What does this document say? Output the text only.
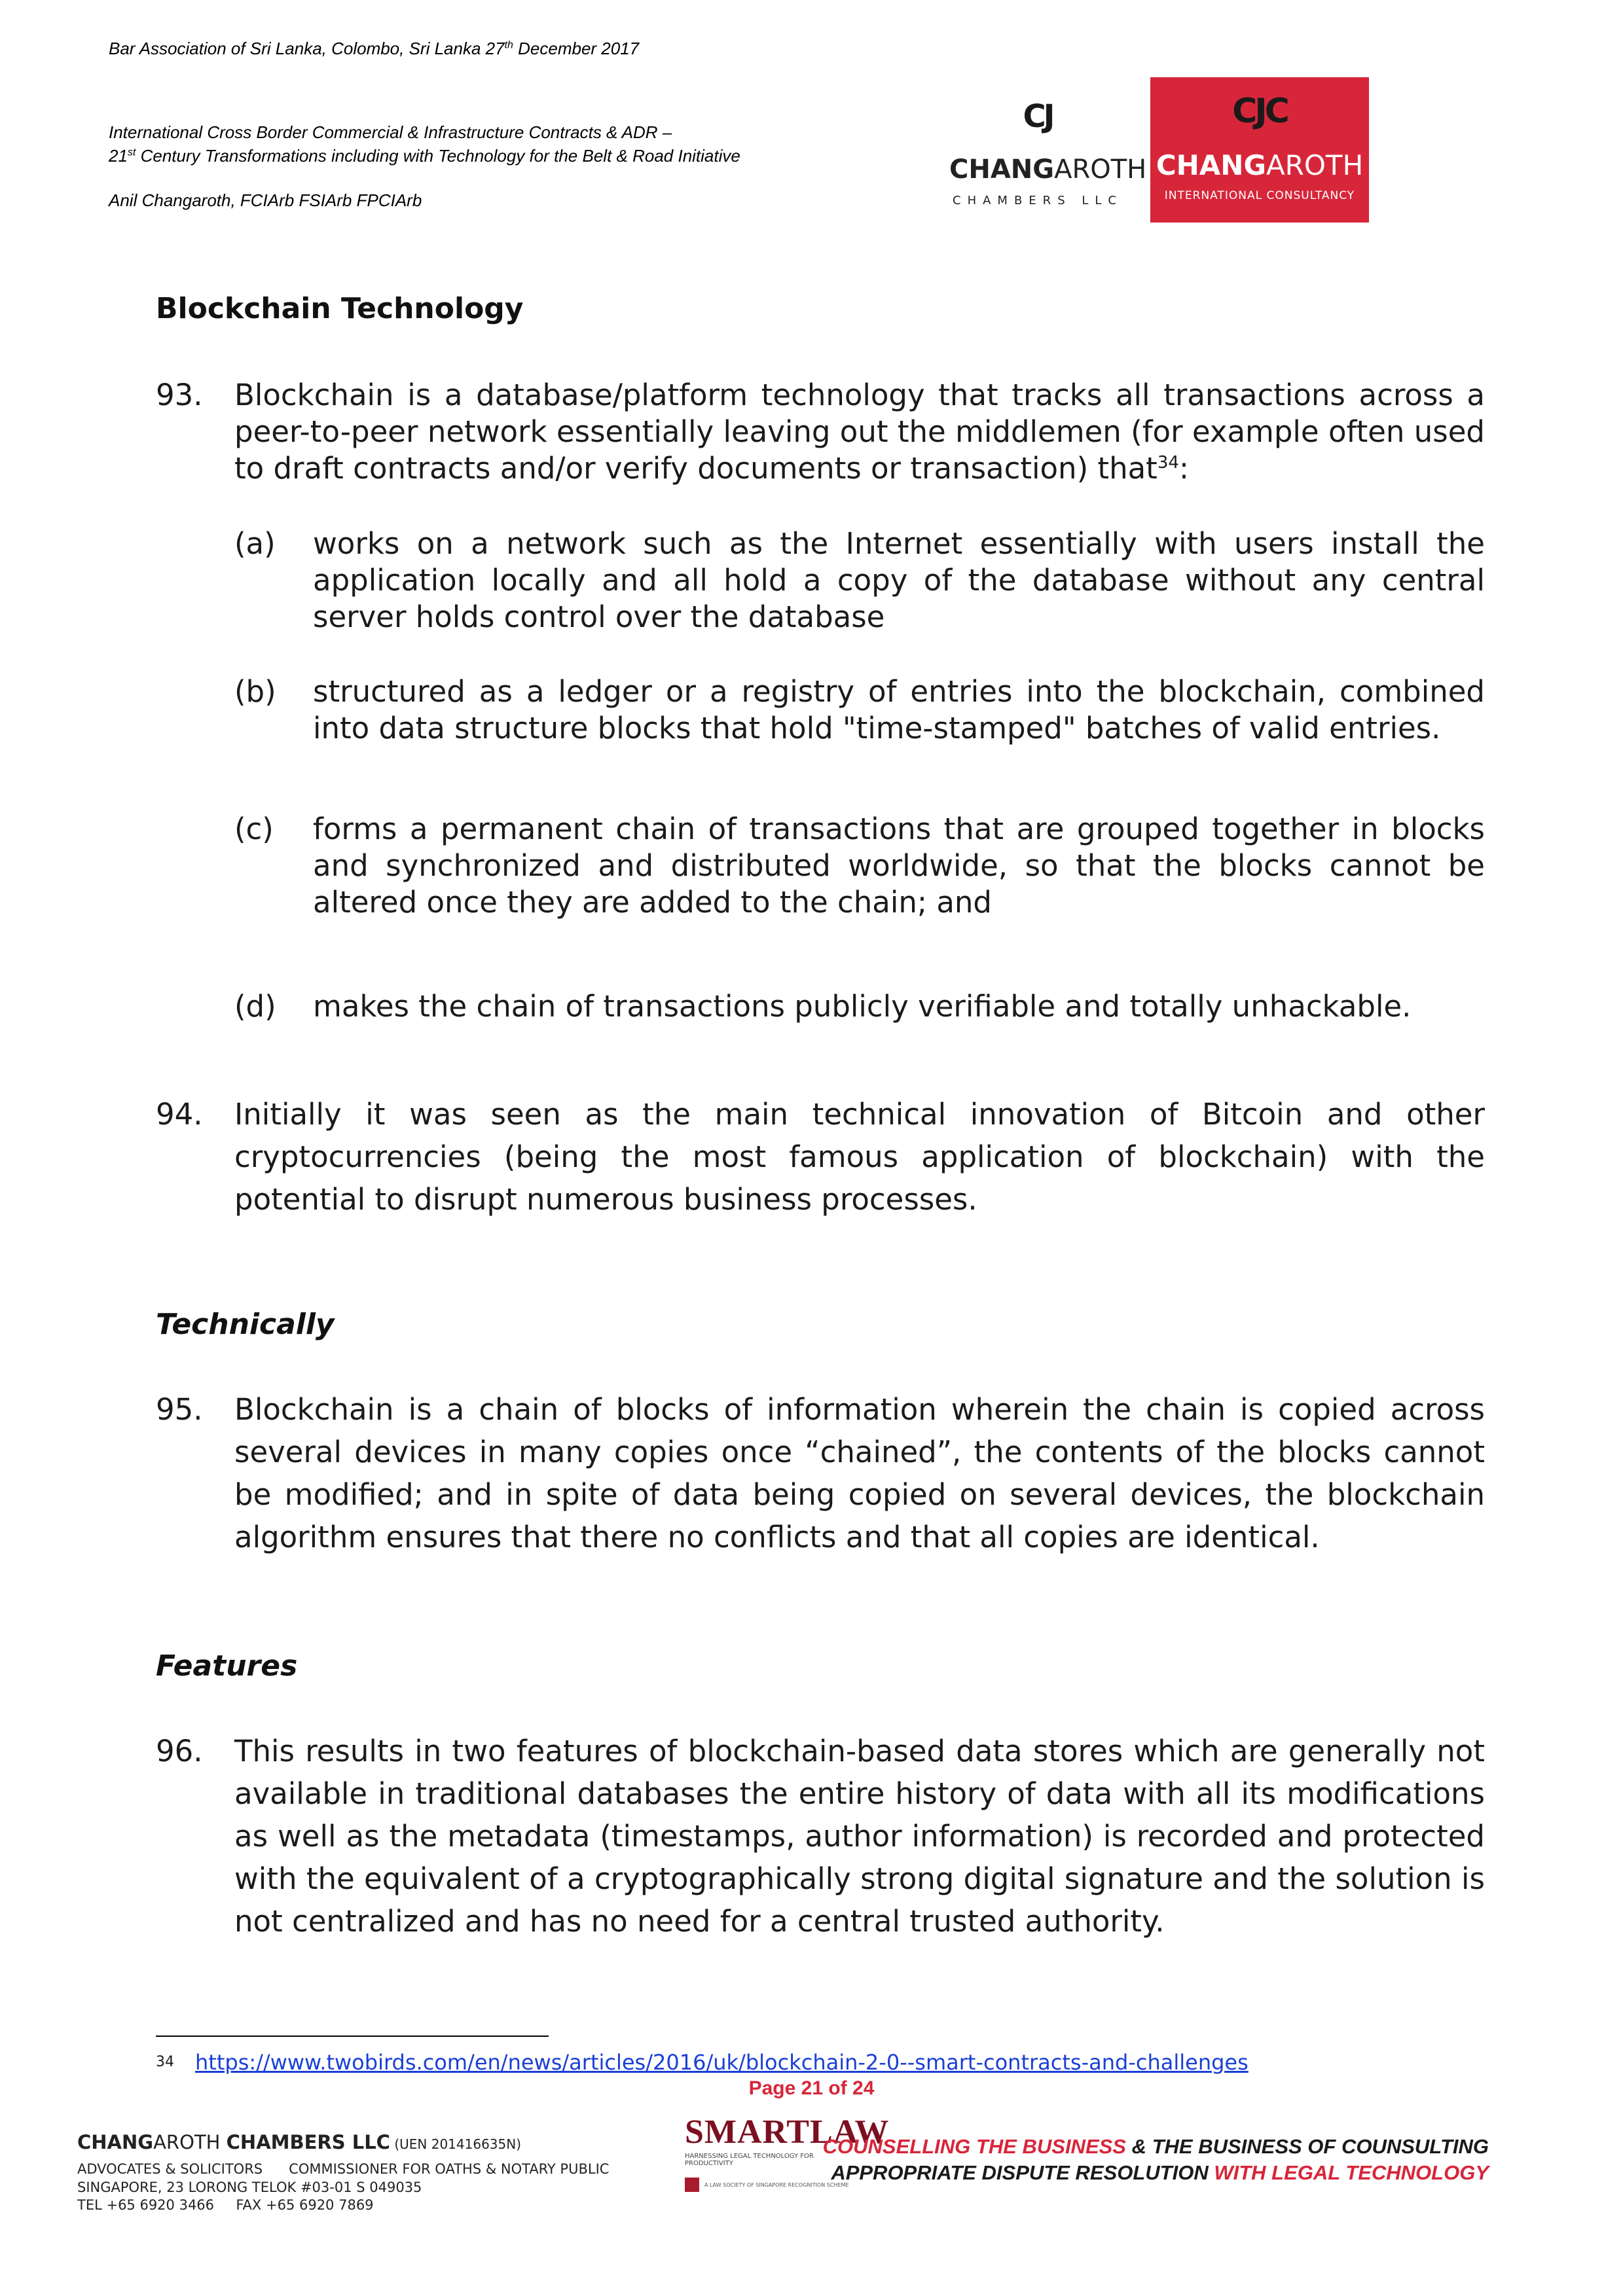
Bar Association of Sri Lanka, Colombo, Sri Lanka 27th December 2017
International Cross Border Commercial & Infrastructure Contracts & ADR –
21st Century Transformations including with Technology for the Belt & Road Initiative
Anil Changaroth, FCIArb FSIArb FPCIArb
CJ
CHANGAROTH
CHAMBERS LLC
CJC
CHANGAROTH
INTERNATIONAL CONSULTANCY
Blockchain Technology
93. Blockchain is a database/platform technology that tracks all transactions across a peer-to-peer network essentially leaving out the middlemen (for example often used to draft contracts and/or verify documents or transaction) that$^{34}$:
(a) works on a network such as the Internet essentially with users install the application locally and all hold a copy of the database without any central server holds control over the database
(b) structured as a ledger or a registry of entries into the blockchain, combined into data structure blocks that hold "time-stamped" batches of valid entries.
(c) forms a permanent chain of transactions that are grouped together in blocks and synchronized and distributed worldwide, so that the blocks cannot be altered once they are added to the chain; and
(d) makes the chain of transactions publicly verifiable and totally unhackable.
94. Initially it was seen as the main technical innovation of Bitcoin and other cryptocurrencies (being the most famous application of blockchain) with the potential to disrupt numerous business processes.
Technically
95. Blockchain is a chain of blocks of information wherein the chain is copied across several devices in many copies once “chained”, the contents of the blocks cannot be modified; and in spite of data being copied on several devices, the blockchain algorithm ensures that there no conflicts and that all copies are identical.
Features
96. This results in two features of blockchain-based data stores which are generally not available in traditional databases the entire history of data with all its modifications as well as the metadata (timestamps, author information) is recorded and protected with the equivalent of a cryptographically strong digital signature and the solution is not centralized and has no need for a central trusted authority.
34 https://www.twobirds.com/en/news/articles/2016/uk/blockchain-2-0--smart-contracts-and-challenges
Page 21 of 24
CHANGAROTH CHAMBERS LLC (UEN 201416635N)
ADVOCATES & SOLICITORS      COMMISSIONER FOR OATHS & NOTARY PUBLIC
SINGAPORE, 23 LORONG TELOK #03-01 S 049035
TEL +65 6920 3466     FAX +65 6920 7869
SMARTLAW
HARNESSING LEGAL TECHNOLOGY FOR PRODUCTIVITY
A LAW SOCIETY OF SINGAPORE RECOGNITION SCHEME
COUNSELLING THE BUSINESS & THE BUSINESS OF COUNSULTING
APPROPRIATE DISPUTE RESOLUTION WITH LEGAL TECHNOLOGY
